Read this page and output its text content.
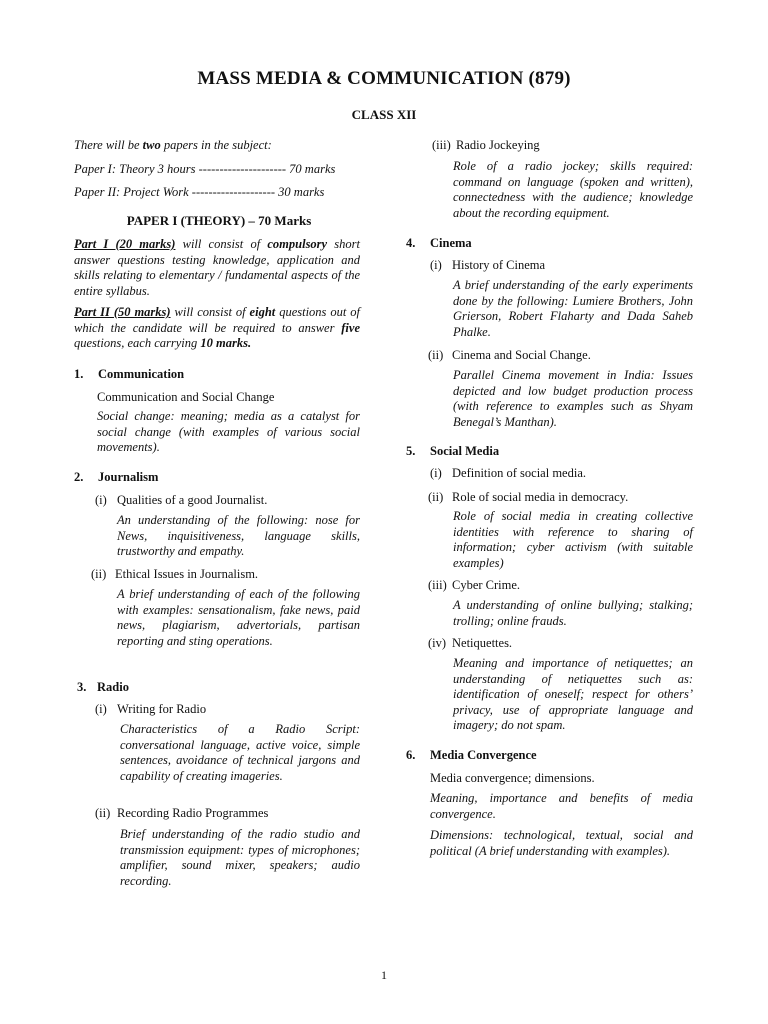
MASS MEDIA & COMMUNICATION (879)
CLASS XII
There will be two papers in the subject:
Paper I: Theory 3 hours --------------------- 70 marks
Paper II: Project Work -------------------- 30 marks
PAPER I (THEORY) – 70 Marks
Part I (20 marks) will consist of compulsory short answer questions testing knowledge, application and skills relating to elementary / fundamental aspects of the entire syllabus.
Part II (50 marks) will consist of eight questions out of which the candidate will be required to answer five questions, each carrying 10 marks.
1. Communication
Communication and Social Change
Social change: meaning; media as a catalyst for social change (with examples of various social movements).
2. Journalism
(i) Qualities of a good Journalist.
An understanding of the following: nose for News, inquisitiveness, language skills, trustworthy and empathy.
(ii) Ethical Issues in Journalism.
A brief understanding of each of the following with examples: sensationalism, fake news, paid news, plagiarism, advertorials, partisan reporting and sting operations.
3. Radio
(i) Writing for Radio
Characteristics of a Radio Script: conversational language, active voice, simple sentences, avoidance of technical jargons and capability of creating imageries.
(ii) Recording Radio Programmes
Brief understanding of the radio studio and transmission equipment: types of microphones; amplifier, sound mixer, speakers; audio recording.
(iii) Radio Jockeying
Role of a radio jockey; skills required: command on language (spoken and written), connectedness with the audience; knowledge about the recording equipment.
4. Cinema
(i) History of Cinema
A brief understanding of the early experiments done by the following: Lumiere Brothers, John Grierson, Robert Flaharty and Dada Saheb Phalke.
(ii) Cinema and Social Change.
Parallel Cinema movement in India: Issues depicted and low budget production process (with reference to examples such as Shyam Benegal’s Manthan).
5. Social Media
(i) Definition of social media.
(ii) Role of social media in democracy.
Role of social media in creating collective identities with reference to sharing of information; cyber activism (with suitable examples)
(iii) Cyber Crime.
A understanding of online bullying; stalking; trolling; online frauds.
(iv) Netiquettes.
Meaning and importance of netiquettes; an understanding of netiquettes such as: identification of oneself; respect for others’ privacy, use of appropriate language and imagery; do not spam.
6. Media Convergence
Media convergence; dimensions.
Meaning, importance and benefits of media convergence.
Dimensions: technological, textual, social and political (A brief understanding with examples).
1
